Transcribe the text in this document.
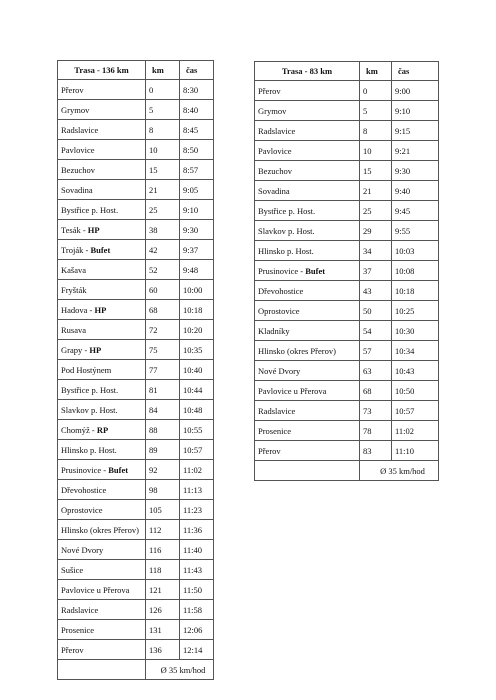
Trasa - 136 km	km	čas
Přerov	0	8:30
Grymov	5	8:40
Radslavice	8	8:45
Pavlovice	10	8:50
Bezuchov	15	8:57
Sovadina	21	9:05
Bystřice p. Host.	25	9:10
Tesák - HP	38	9:30
Troják - Bufet	42	9:37
Kašava	52	9:48
Fryšták	60	10:00
Hadova - HP	68	10:18
Rusava	72	10:20
Grapy - HP	75	10:35
Pod Hostýnem	77	10:40
Bystřice p. Host.	81	10:44
Slavkov p. Host.	84	10:48
Chomýž - RP	88	10:55
Hlinsko p. Host.	89	10:57
Prusinovice - Bufet	92	11:02
Dřevohostice	98	11:13
Oprostovice	105	11:23
Hlinsko (okres Přerov)	112	11:36
Nové Dvory	116	11:40
Sušice	118	11:43
Pavlovice u Přerova	121	11:50
Radslavice	126	11:58
Prosenice	131	12:06
Přerov	136	12:14
	Ø 35 km/hod	
Trasa - 83 km	km	čas
Přerov	0	9:00
Grymov	5	9:10
Radslavice	8	9:15
Pavlovice	10	9:21
Bezuchov	15	9:30
Sovadina	21	9:40
Bystřice p. Host.	25	9:45
Slavkov p. Host.	29	9:55
Hlinsko p. Host.	34	10:03
Prusinovice - Bufet	37	10:08
Dřevohostice	43	10:18
Oprostovice	50	10:25
Kladníky	54	10:30
Hlinsko (okres Přerov)	57	10:34
Nové Dvory	63	10:43
Pavlovice u Přerova	68	10:50
Radslavice	73	10:57
Prosenice	78	11:02
Přerov	83	11:10
	Ø 35 km/hod	
